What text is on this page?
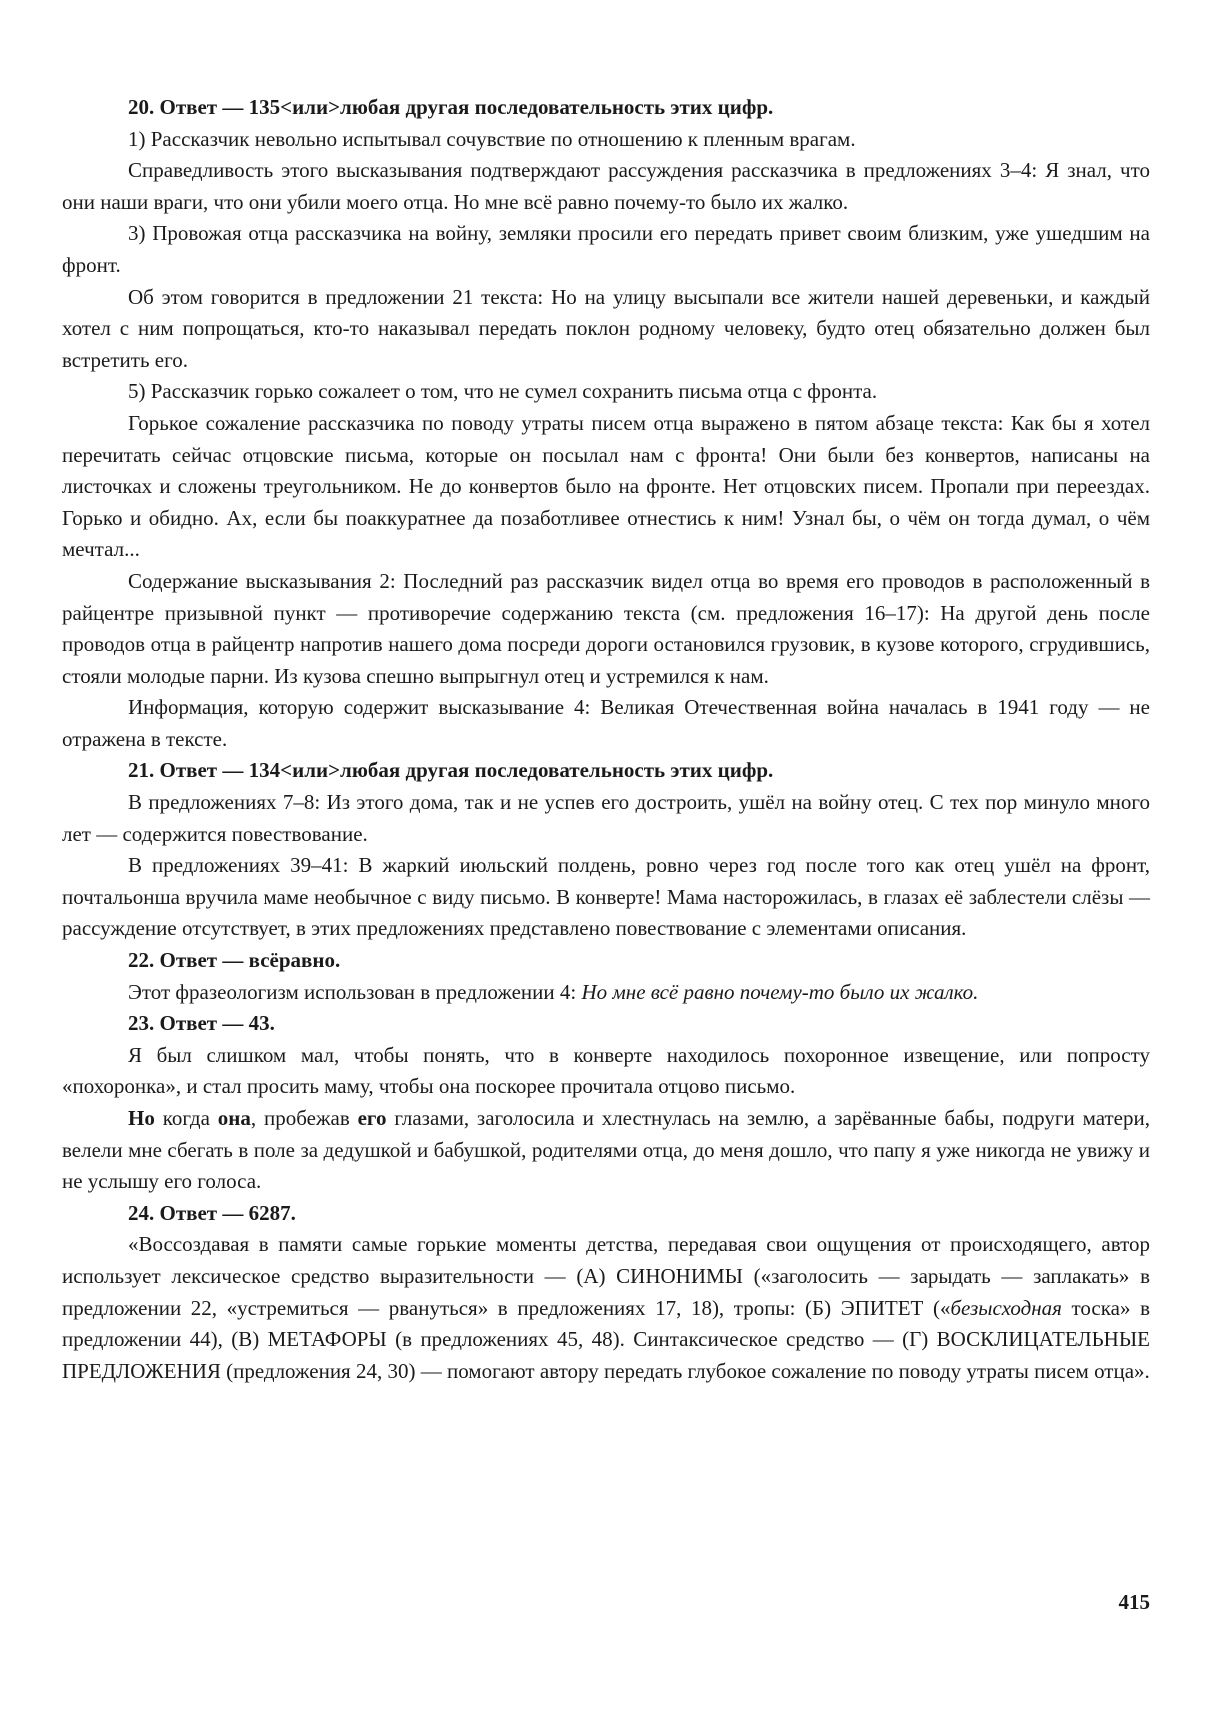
20. Ответ — 135<или>любая другая последовательность этих цифр.

1) Рассказчик невольно испытывал сочувствие по отношению к пленным врагам.

Справедливость этого высказывания подтверждают рассуждения рассказчика в предложениях 3–4: Я знал, что они наши враги, что они убили моего отца. Но мне всё равно почему-то было их жалко.

3) Провожая отца рассказчика на войну, земляки просили его передать привет своим близким, уже ушедшим на фронт.

Об этом говорится в предложении 21 текста: Но на улицу высыпали все жители нашей деревеньки, и каждый хотел с ним попрощаться, кто-то наказывал передать поклон родному человеку, будто отец обязательно должен был встретить его.

5) Рассказчик горько сожалеет о том, что не сумел сохранить письма отца с фронта.

Горькое сожаление рассказчика по поводу утраты писем отца выражено в пятом абзаце текста: Как бы я хотел перечитать сейчас отцовские письма, которые он посылал нам с фронта! Они были без конвертов, написаны на листочках и сложены треугольником. Не до конвертов было на фронте. Нет отцовских писем. Пропали при переездах. Горько и обидно. Ах, если бы поаккуратнее да позаботливее отнестись к ним! Узнал бы, о чём он тогда думал, о чём мечтал...

Содержание высказывания 2: Последний раз рассказчик видел отца во время его проводов в расположенный в райцентре призывной пункт — противоречие содержанию текста (см. предложения 16–17): На другой день после проводов отца в райцентр напротив нашего дома посреди дороги остановился грузовик, в кузове которого, сгрудившись, стояли молодые парни. Из кузова спешно выпрыгнул отец и устремился к нам.

Информация, которую содержит высказывание 4: Великая Отечественная война началась в 1941 году — не отражена в тексте.

21. Ответ — 134<или>любая другая последовательность этих цифр.

В предложениях 7–8: Из этого дома, так и не успев его достроить, ушёл на войну отец. С тех пор минуло много лет — содержится повествование.

В предложениях 39–41: В жаркий июльский полдень, ровно через год после того как отец ушёл на фронт, почтальонша вручила маме необычное с виду письмо. В конверте! Мама насторожилась, в глазах её заблестели слёзы — рассуждение отсутствует, в этих предложениях представлено повествование с элементами описания.

22. Ответ — всёравно.

Этот фразеологизм использован в предложении 4: Но мне всё равно почему-то было их жалко.

23. Ответ — 43.

Я был слишком мал, чтобы понять, что в конверте находилось похоронное извещение, или попросту «похоронка», и стал просить маму, чтобы она поскорее прочитала отцово письмо.

Но когда она, пробежав его глазами, заголосила и хлестнулась на землю, а зарёванные бабы, подруги матери, велели мне сбегать в поле за дедушкой и бабушкой, родителями отца, до меня дошло, что папу я уже никогда не увижу и не услышу его голоса.

24. Ответ — 6287.

«Воссоздавая в памяти самые горькие моменты детства, передавая свои ощущения от происходящего, автор использует лексическое средство выразительности — (А) СИНОНИМЫ («заголосить — зарыдать — заплакать» в предложении 22, «устремиться — рвануться» в предложениях 17, 18), тропы: (Б) ЭПИТЕТ («безысходная тоска» в предложении 44), (В) МЕТАФОРЫ (в предложениях 45, 48). Синтаксическое средство — (Г) ВОСКЛИЦАТЕЛЬНЫЕ ПРЕДЛОЖЕНИЯ (предложения 24, 30) — помогают автору передать глубокое сожаление по поводу утраты писем отца».

415
